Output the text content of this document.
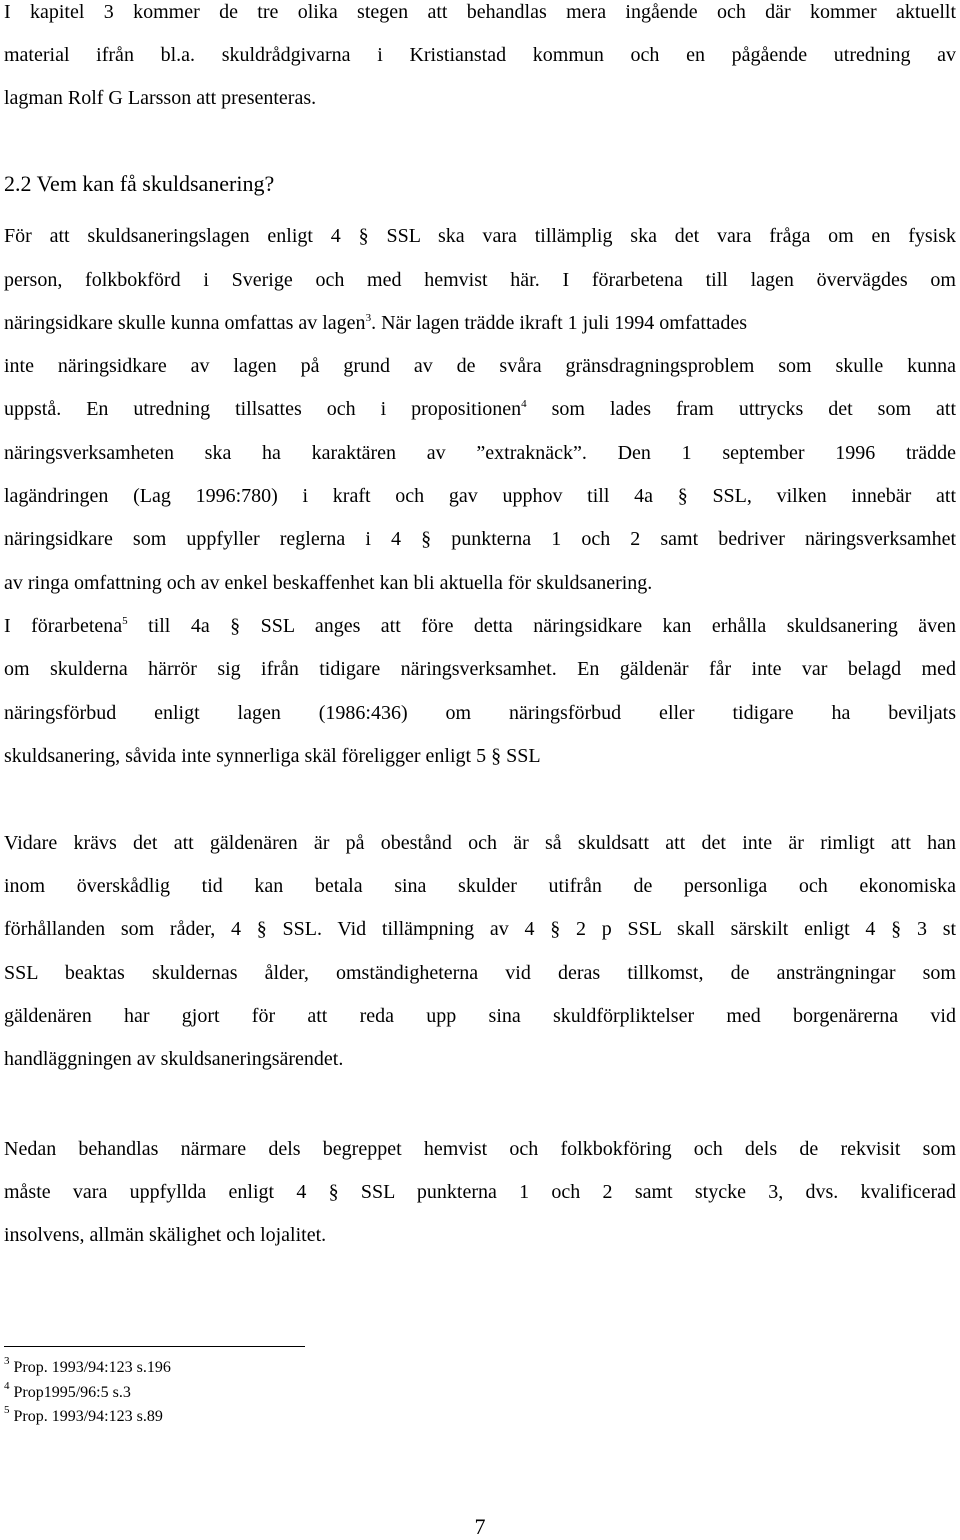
I kapitel 3 kommer de tre olika stegen att behandlas mera ingående och där kommer aktuellt
material ifrån bl.a. skuldrådgivarna i Kristianstad kommun och en pågående utredning av
lagman Rolf G Larsson att presenteras.
2.2 Vem kan få skuldsanering?
För att skuldsaneringslagen enligt 4 § SSL ska vara tillämplig ska det vara fråga om en fysisk
person, folkbokförd i Sverige och med hemvist här. I förarbetena till lagen övervägdes om
näringsidkare skulle kunna omfattas av lagen$^3$. När lagen trädde ikraft 1 juli 1994 omfattades
inte näringsidkare av lagen på grund av de svåra gränsdragningsproblem som skulle kunna
uppstå. En utredning tillsattes och i propositionen$^4$ som lades fram uttrycks det som att
näringsverksamheten ska ha karaktären av ”extraknäck”. Den 1 september 1996 trädde
lagändringen (Lag 1996:780) i kraft och gav upphov till 4a § SSL, vilken innebär att
näringsidkare som uppfyller reglerna i 4 § punkterna 1 och 2 samt bedriver näringsverksamhet
av ringa omfattning och av enkel beskaffenhet kan bli aktuella för skuldsanering.
I förarbetena$^5$ till 4a § SSL anges att före detta näringsidkare kan erhålla skuldsanering även
om skulderna härrör sig ifrån tidigare näringsverksamhet. En gäldenär får inte var belagd med
näringsförbud enligt lagen (1986:436) om näringsförbud eller tidigare ha beviljats
skuldsanering, såvida inte synnerliga skäl föreligger enligt 5 § SSL
Vidare krävs det att gäldenären är på obestånd och är så skuldsatt att det inte är rimligt att han
inom överskådlig tid kan betala sina skulder utifrån de personliga och ekonomiska
förhållanden som råder, 4 § SSL. Vid tillämpning av 4 § 2 p SSL skall särskilt enligt 4 § 3 st
SSL beaktas skuldernas ålder, omständigheterna vid deras tillkomst, de ansträngningar som
gäldenären har gjort för att reda upp sina skuldförpliktelser med borgenärerna vid
handläggningen av skuldsaneringsärendet.
Nedan behandlas närmare dels begreppet hemvist och folkbokföring och dels de rekvisit som
måste vara uppfyllda enligt 4 § SSL punkterna 1 och 2 samt stycke 3, dvs. kvalificerad
insolvens, allmän skälighet och lojalitet.
$^3$ Prop. 1993/94:123 s.196
$^4$ Prop1995/96:5 s.3
$^5$ Prop. 1993/94:123 s.89
7
